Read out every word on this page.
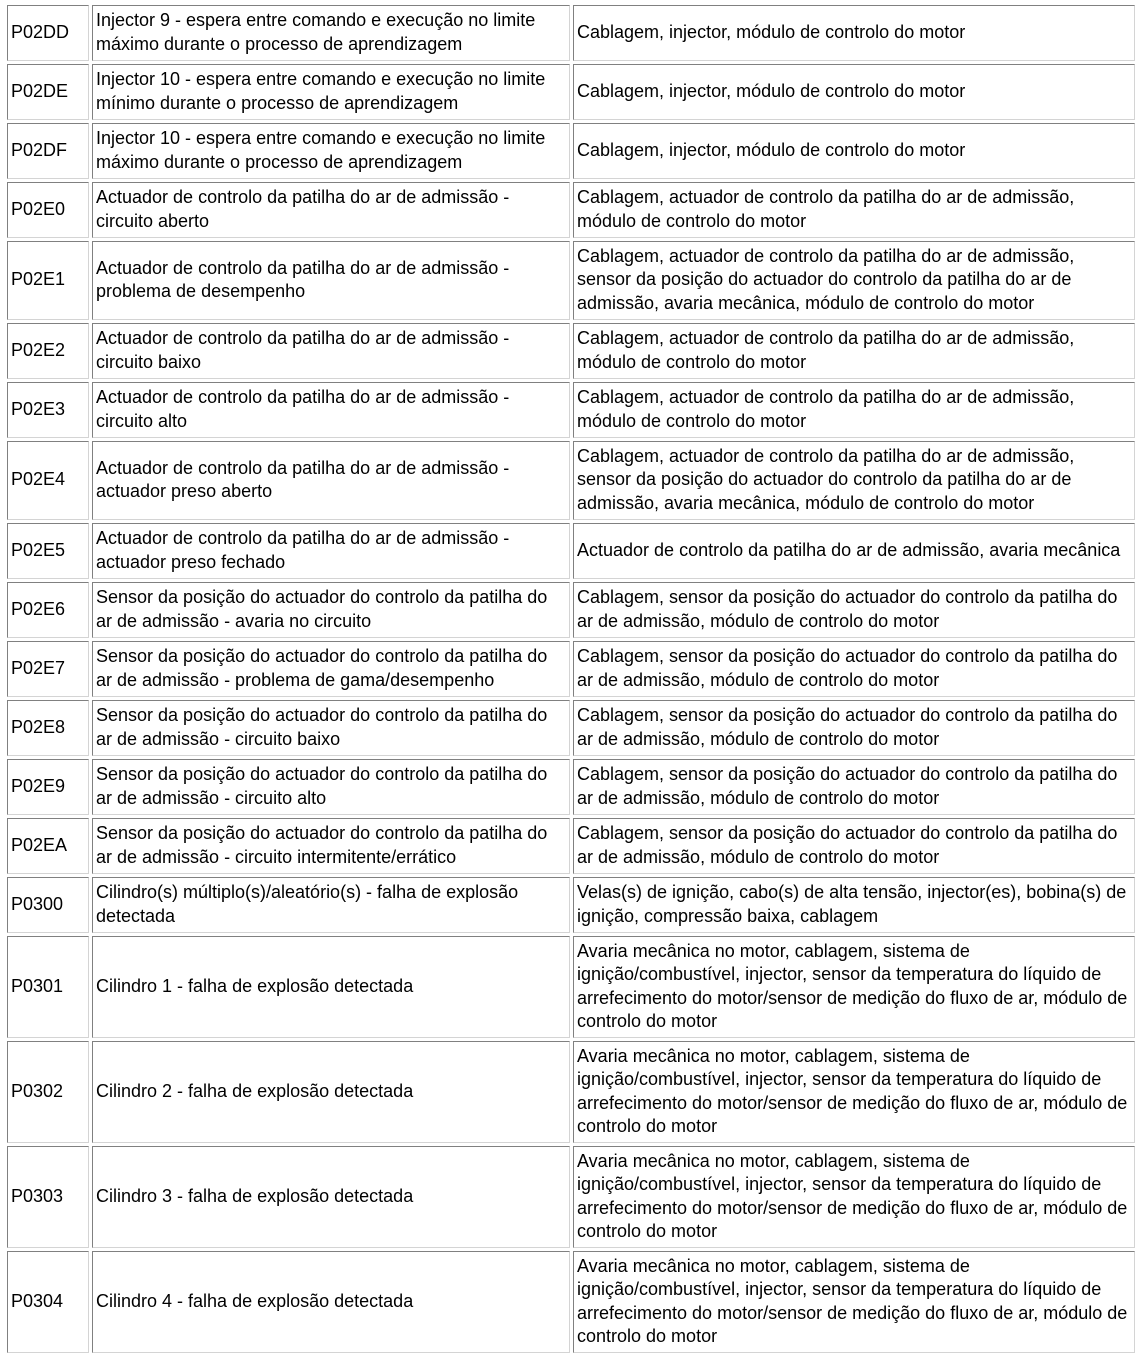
P02DD	Injector 9 - espera entre comando e execução no limite máximo durante o processo de aprendizagem	Cablagem, injector, módulo de controlo do motor
P02DE	Injector 10 - espera entre comando e execução no limite mínimo durante o processo de aprendizagem	Cablagem, injector, módulo de controlo do motor
P02DF	Injector 10 - espera entre comando e execução no limite máximo durante o processo de aprendizagem	Cablagem, injector, módulo de controlo do motor
P02E0	Actuador de controlo da patilha do ar de admissão - circuito aberto	Cablagem, actuador de controlo da patilha do ar de admissão, módulo de controlo do motor
P02E1	Actuador de controlo da patilha do ar de admissão - problema de desempenho	Cablagem, actuador de controlo da patilha do ar de admissão, sensor da posição do actuador do controlo da patilha do ar de admissão, avaria mecânica, módulo de controlo do motor
P02E2	Actuador de controlo da patilha do ar de admissão - circuito baixo	Cablagem, actuador de controlo da patilha do ar de admissão, módulo de controlo do motor
P02E3	Actuador de controlo da patilha do ar de admissão - circuito alto	Cablagem, actuador de controlo da patilha do ar de admissão, módulo de controlo do motor
P02E4	Actuador de controlo da patilha do ar de admissão - actuador preso aberto	Cablagem, actuador de controlo da patilha do ar de admissão, sensor da posição do actuador do controlo da patilha do ar de admissão, avaria mecânica, módulo de controlo do motor
P02E5	Actuador de controlo da patilha do ar de admissão - actuador preso fechado	Actuador de controlo da patilha do ar de admissão, avaria mecânica
P02E6	Sensor da posição do actuador do controlo da patilha do ar de admissão - avaria no circuito	Cablagem, sensor da posição do actuador do controlo da patilha do ar de admissão, módulo de controlo do motor
P02E7	Sensor da posição do actuador do controlo da patilha do ar de admissão - problema de gama/desempenho	Cablagem, sensor da posição do actuador do controlo da patilha do ar de admissão, módulo de controlo do motor
P02E8	Sensor da posição do actuador do controlo da patilha do ar de admissão - circuito baixo	Cablagem, sensor da posição do actuador do controlo da patilha do ar de admissão, módulo de controlo do motor
P02E9	Sensor da posição do actuador do controlo da patilha do ar de admissão - circuito alto	Cablagem, sensor da posição do actuador do controlo da patilha do ar de admissão, módulo de controlo do motor
P02EA	Sensor da posição do actuador do controlo da patilha do ar de admissão - circuito intermitente/errático	Cablagem, sensor da posição do actuador do controlo da patilha do ar de admissão, módulo de controlo do motor
P0300	Cilindro(s) múltiplo(s)/aleatório(s) - falha de explosão detectada	Velas(s) de ignição, cabo(s) de alta tensão, injector(es), bobina(s) de ignição, compressão baixa, cablagem
P0301	Cilindro 1 - falha de explosão detectada	Avaria mecânica no motor, cablagem, sistema de ignição/combustível, injector, sensor da temperatura do líquido de arrefecimento do motor/sensor de medição do fluxo de ar, módulo de controlo do motor
P0302	Cilindro 2 - falha de explosão detectada	Avaria mecânica no motor, cablagem, sistema de ignição/combustível, injector, sensor da temperatura do líquido de arrefecimento do motor/sensor de medição do fluxo de ar, módulo de controlo do motor
P0303	Cilindro 3 - falha de explosão detectada	Avaria mecânica no motor, cablagem, sistema de ignição/combustível, injector, sensor da temperatura do líquido de arrefecimento do motor/sensor de medição do fluxo de ar, módulo de controlo do motor
P0304	Cilindro 4 - falha de explosão detectada	Avaria mecânica no motor, cablagem, sistema de ignição/combustível, injector, sensor da temperatura do líquido de arrefecimento do motor/sensor de medição do fluxo de ar, módulo de controlo do motor
